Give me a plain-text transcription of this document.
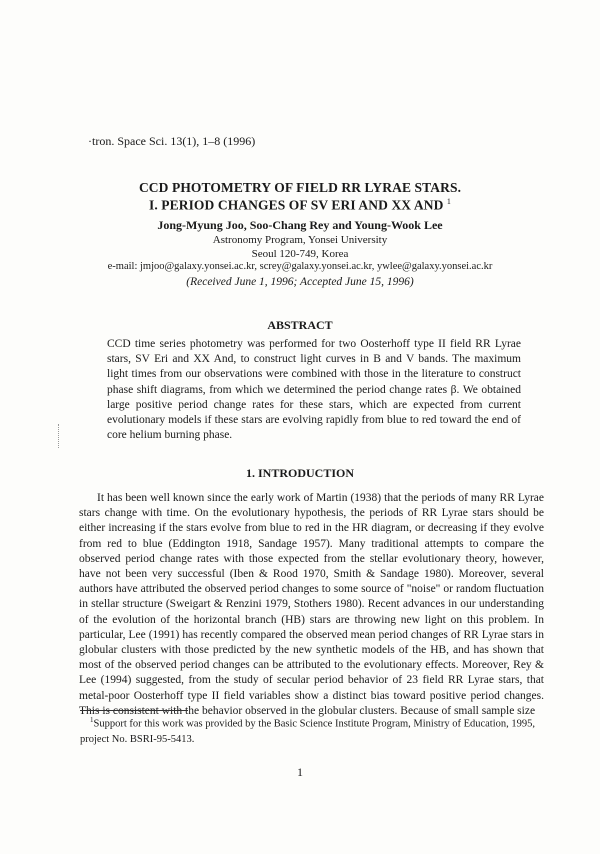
·tron. Space Sci. 13(1), 1–8 (1996)
CCD PHOTOMETRY OF FIELD RR LYRAE STARS.
I. PERIOD CHANGES OF SV ERI AND XX AND $^1$
Jong-Myung Joo, Soo-Chang Rey and Young-Wook Lee
Astronomy Program, Yonsei University
Seoul 120-749, Korea
e-mail: jmjoo@galaxy.yonsei.ac.kr, screy@galaxy.yonsei.ac.kr, ywlee@galaxy.yonsei.ac.kr
(Received June 1, 1996; Accepted June 15, 1996)
ABSTRACT
CCD time series photometry was performed for two Oosterhoff type II field RR Lyrae stars, SV Eri and XX And, to construct light curves in B and V bands. The maximum light times from our observations were combined with those in the literature to construct phase shift diagrams, from which we determined the period change rates β. We obtained large positive period change rates for these stars, which are expected from current evolutionary models if these stars are evolving rapidly from blue to red toward the end of core helium burning phase.
1. INTRODUCTION
It has been well known since the early work of Martin (1938) that the periods of many RR Lyrae stars change with time. On the evolutionary hypothesis, the periods of RR Lyrae stars should be either increasing if the stars evolve from blue to red in the HR diagram, or decreasing if they evolve from red to blue (Eddington 1918, Sandage 1957). Many traditional attempts to compare the observed period change rates with those expected from the stellar evolutionary theory, however, have not been very successful (Iben & Rood 1970, Smith & Sandage 1980). Moreover, several authors have attributed the observed period changes to some source of "noise" or random fluctuation in stellar structure (Sweigart & Renzini 1979, Stothers 1980). Recent advances in our understanding of the evolution of the horizontal branch (HB) stars are throwing new light on this problem. In particular, Lee (1991) has recently compared the observed mean period changes of RR Lyrae stars in globular clusters with those predicted by the new synthetic models of the HB, and has shown that most of the observed period changes can be attributed to the evolutionary effects. Moreover, Rey & Lee (1994) suggested, from the study of secular period behavior of 23 field RR Lyrae stars, that metal-poor Oosterhoff type II field variables show a distinct bias toward positive period changes. This is consistent with the behavior observed in the globular clusters. Because of small sample size
$^1$Support for this work was provided by the Basic Science Institute Program, Ministry of Education, 1995, project No. BSRI-95-5413.
1
